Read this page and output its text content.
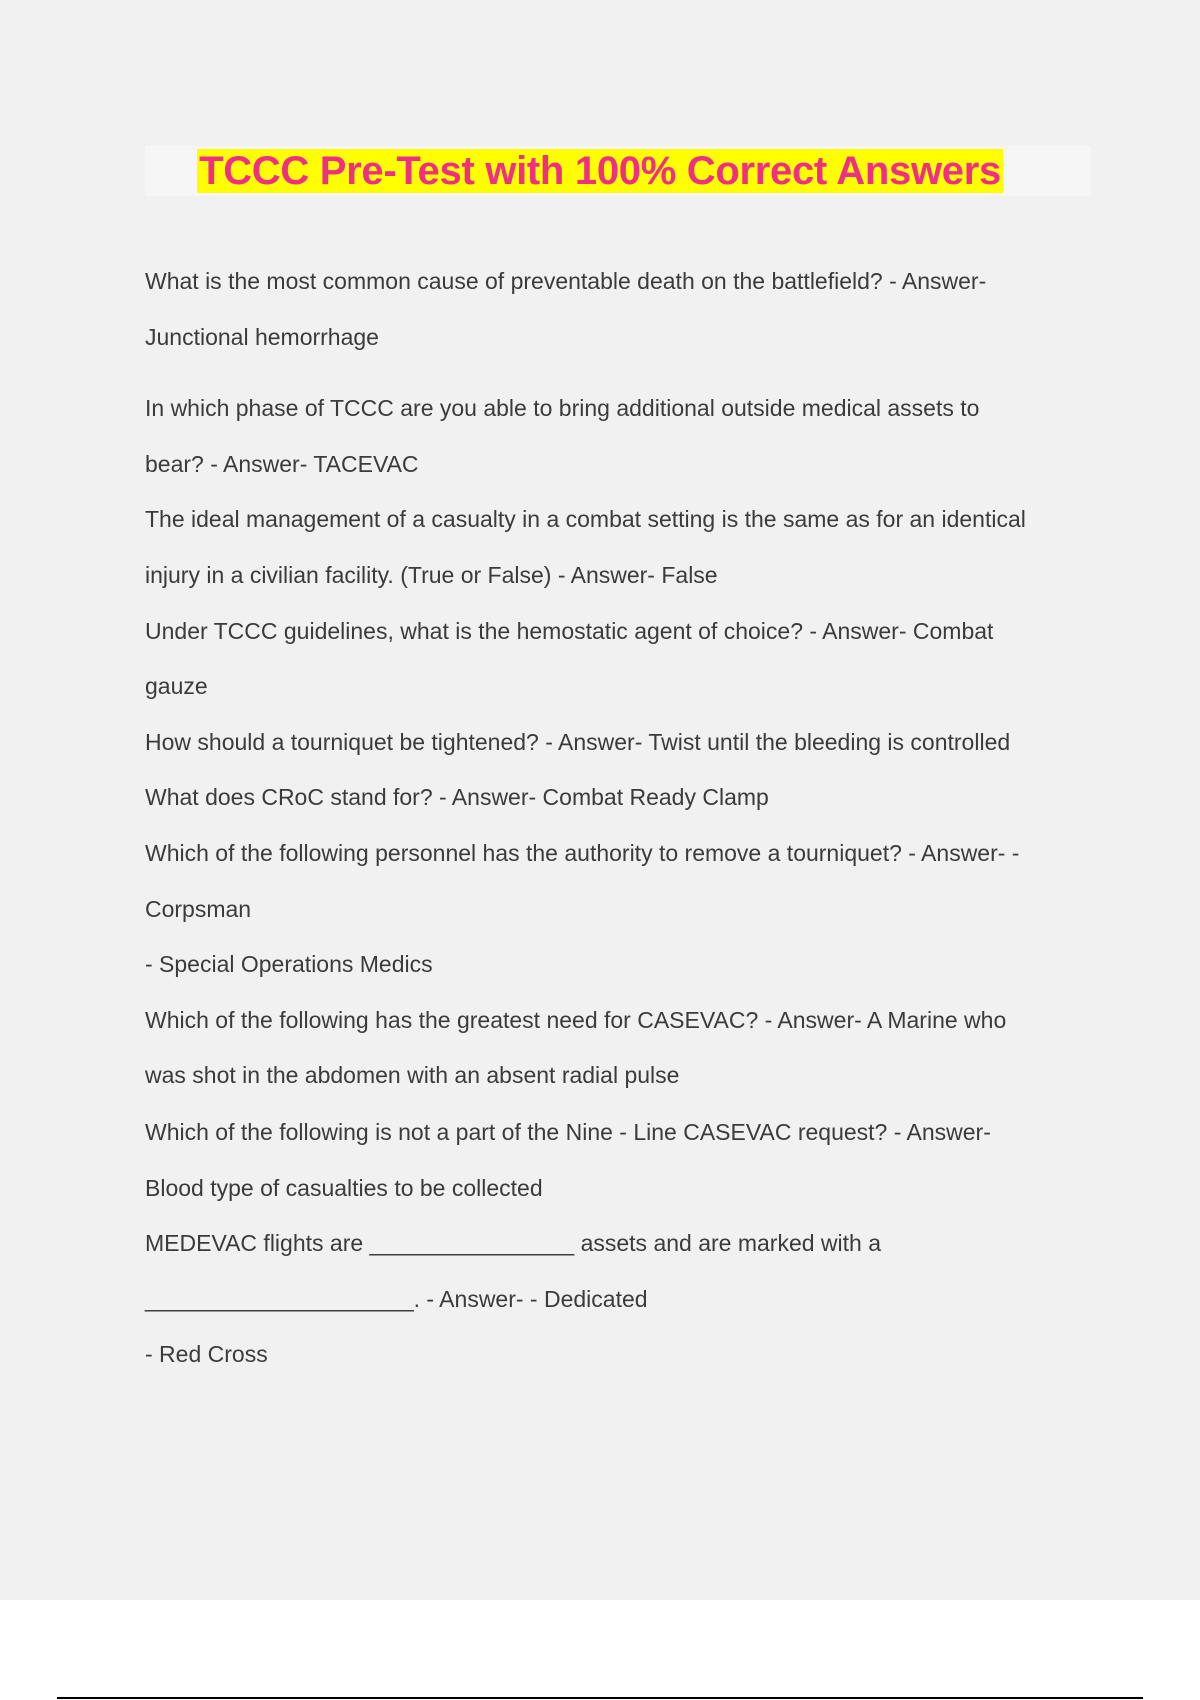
TCCC Pre-Test with 100% Correct Answers
What is the most common cause of preventable death on the battlefield? - Answer-
Junctional hemorrhage
In which phase of TCCC are you able to bring additional outside medical assets to
bear? - Answer- TACEVAC
The ideal management of a casualty in a combat setting is the same as for an identical
injury in a civilian facility. (True or False) - Answer- False
Under TCCC guidelines, what is the hemostatic agent of choice? - Answer- Combat
gauze
How should a tourniquet be tightened? - Answer- Twist until the bleeding is controlled
What does CRoC stand for? - Answer- Combat Ready Clamp
Which of the following personnel has the authority to remove a tourniquet? - Answer- -
Corpsman
- Special Operations Medics
Which of the following has the greatest need for CASEVAC? - Answer- A Marine who
was shot in the abdomen with an absent radial pulse
Which of the following is not a part of the Nine - Line CASEVAC request? - Answer-
Blood type of casualties to be collected
MEDEVAC flights are ________________ assets and are marked with a
_____________________. - Answer- - Dedicated
- Red Cross
